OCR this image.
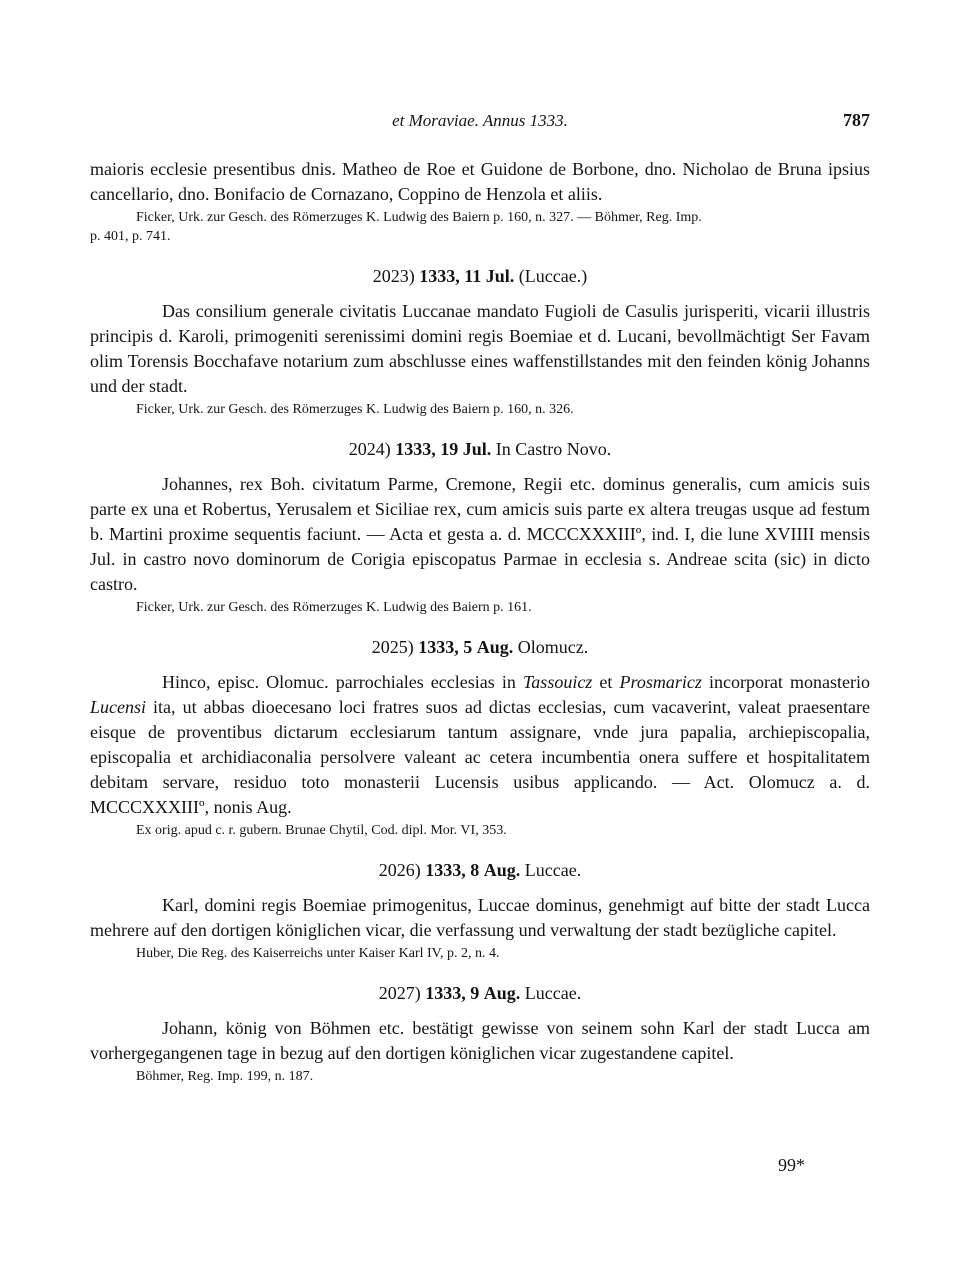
et Moraviae. Annus 1333.	787

maioris ecclesie presentibus dnis. Matheo de Roe et Guidone de Borbone, dno. Nicholao de Bruna ipsius cancellario, dno. Bonifacio de Cornazano, Coppino de Henzola et aliis.

Ficker, Urk. zur Gesch. des Römerzuges K. Ludwig des Baiern p. 160, n. 327. — Böhmer, Reg. Imp.

p. 401, p. 741.

2023) 1333, 11 Jul. (Luccae.)

Das consilium generale civitatis Luccanae mandato Fugioli de Casulis jurisperiti, vicarii illustris principis d. Karoli, primogeniti serenissimi domini regis Boemiae et d. Lucani, bevollmächtigt Ser Favam olim Torensis Bocchafave notarium zum abschlusse eines waffenstillstandes mit den feinden könig Johanns und der stadt.

Ficker, Urk. zur Gesch. des Römerzuges K. Ludwig des Baiern p. 160, n. 326.

2024) 1333, 19 Jul. In Castro Novo.

Johannes, rex Boh. civitatum Parme, Cremone, Regii etc. dominus generalis, cum amicis suis parte ex una et Robertus, Yerusalem et Siciliae rex, cum amicis suis parte ex altera treugas usque ad festum b. Martini proxime sequentis faciunt. — Acta et gesta a. d. MCCCXXXIIIº, ind. I, die lune XVIIII mensis Jul. in castro novo dominorum de Corigia episcopatus Parmae in ecclesia s. Andreae scita (sic) in dicto castro.

Ficker, Urk. zur Gesch. des Römerzuges K. Ludwig des Baiern p. 161.

2025) 1333, 5 Aug. Olomucz.

Hinco, episc. Olomuc. parrochiales ecclesias in Tassouicz et Prosmaricz incorporat monasterio Lucensi ita, ut abbas dioecesano loci fratres suos ad dictas ecclesias, cum vacaverint, valeat praesentare eisque de proventibus dictarum ecclesiarum tantum assignare, vnde jura papalia, archiepiscopalia, episcopalia et archidiaconalia persolvere valeant ac cetera incumbentia onera suffere et hospitalitatem debitam servare, residuo toto monasterii Lucensis usibus applicando. — Act. Olomucz a. d. MCCCXXXIIIº, nonis Aug.

Ex orig. apud c. r. gubern. Brunae Chytil, Cod. dipl. Mor. VI, 353.

2026) 1333, 8 Aug. Luccae.

Karl, domini regis Boemiae primogenitus, Luccae dominus, genehmigt auf bitte der stadt Lucca mehrere auf den dortigen königlichen vicar, die verfassung und verwaltung der stadt bezügliche capitel.

Huber, Die Reg. des Kaiserreichs unter Kaiser Karl IV, p. 2, n. 4.

2027) 1333, 9 Aug. Luccae.

Johann, könig von Böhmen etc. bestätigt gewisse von seinem sohn Karl der stadt Lucca am vorhergegangenen tage in bezug auf den dortigen königlichen vicar zugestandene capitel.

Böhmer, Reg. Imp. 199, n. 187.

99*
